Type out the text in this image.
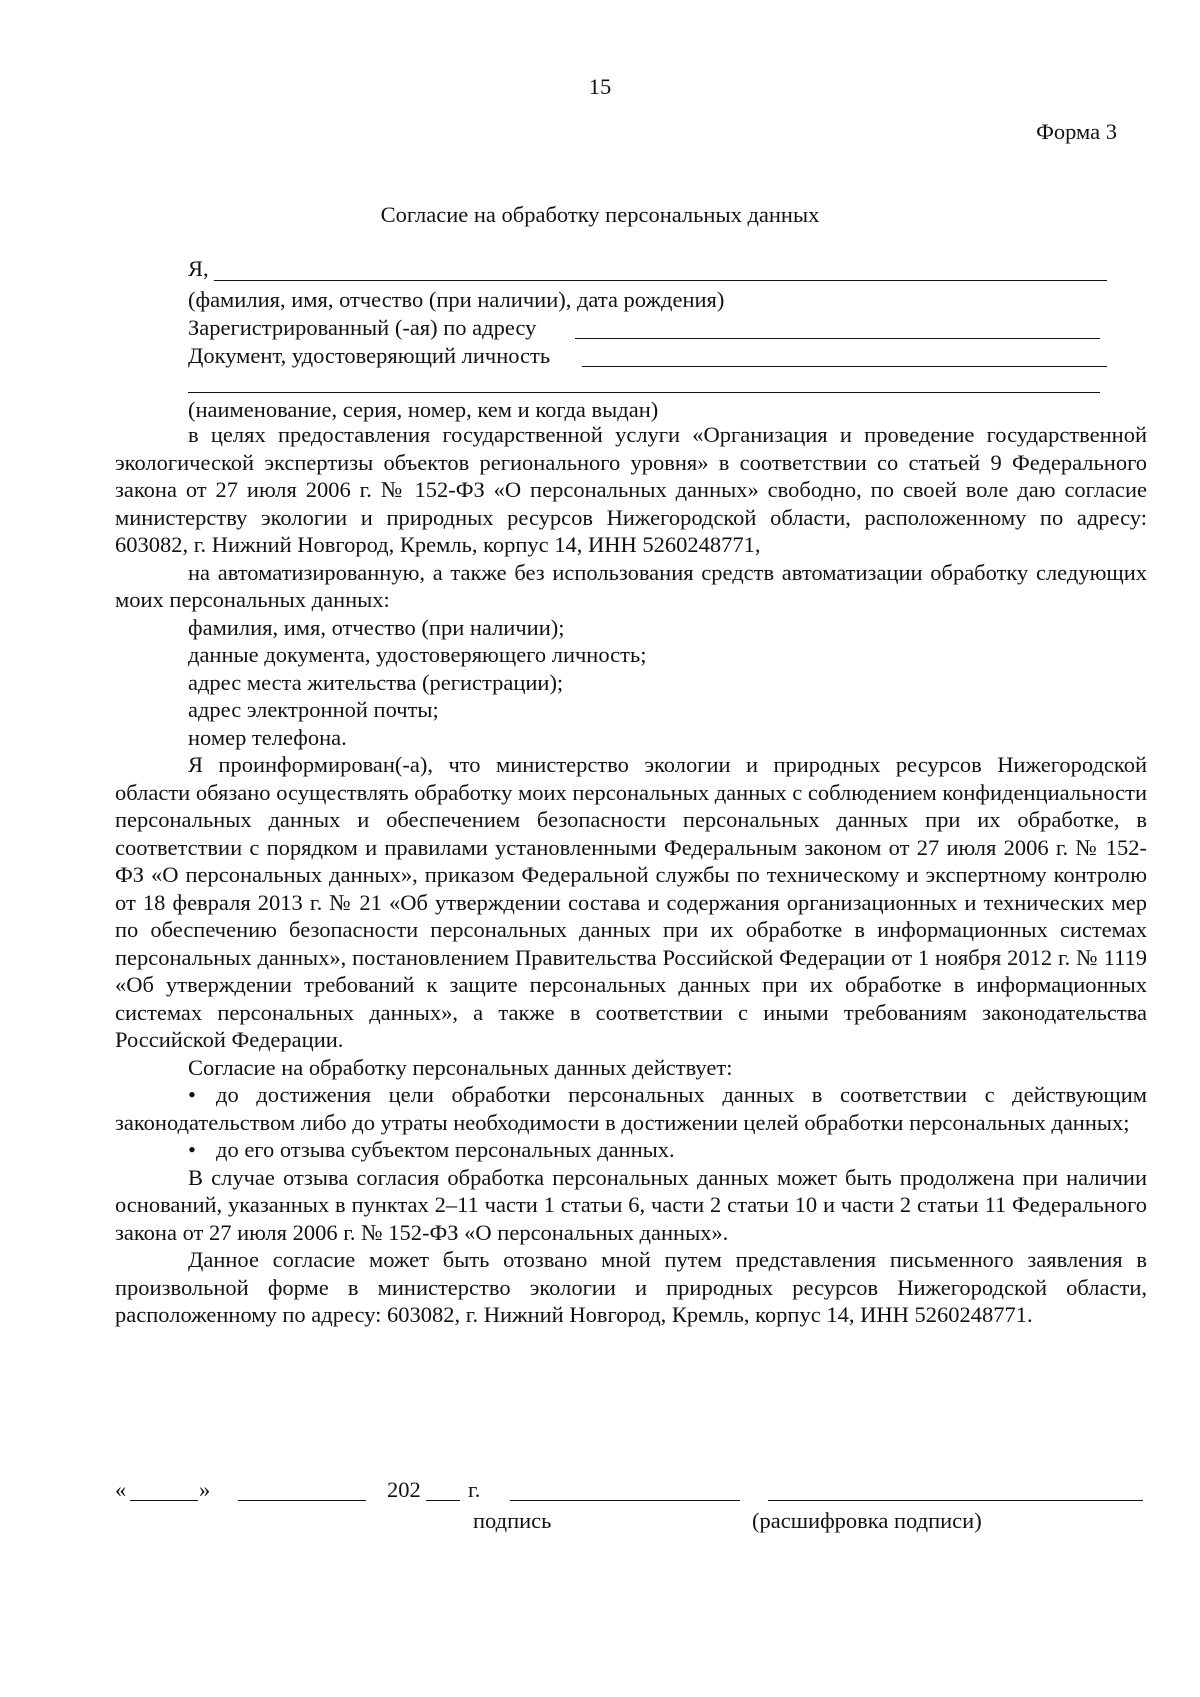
15
Форма 3
Согласие на обработку персональных данных
Я,
(фамилия, имя, отчество (при наличии), дата рождения)
Зарегистрированный (-ая) по адресу
Документ, удостоверяющий личность
(наименование, серия, номер, кем и когда выдан)

в целях предоставления государственной услуги «Организация и проведение государственной экологической экспертизы объектов регионального уровня» в соответствии со статьей 9 Федерального закона от 27 июля 2006 г. № 152-ФЗ «О персональных данных» свободно, по своей воле даю согласие министерству экологии и природных ресурсов Нижегородской области, расположенному по адресу: 603082, г. Нижний Новгород, Кремль, корпус 14, ИНН 5260248771,

на автоматизированную, а также без использования средств автоматизации обработку следующих моих персональных данных:

фамилия, имя, отчество (при наличии);

данные документа, удостоверяющего личность;

адрес места жительства (регистрации);

адрес электронной почты;

номер телефона.

Я проинформирован(-а), что министерство экологии и природных ресурсов Нижегородской области обязано осуществлять обработку моих персональных данных с соблюдением конфиденциальности персональных данных и обеспечением безопасности персональных данных при их обработке, в соответствии с порядком и правилами установленными Федеральным законом от 27 июля 2006 г. № 152-ФЗ «О персональных данных», приказом Федеральной службы по техническому и экспертному контролю от 18 февраля 2013 г. № 21 «Об утверждении состава и содержания организационных и технических мер по обеспечению безопасности персональных данных при их обработке в информационных системах персональных данных», постановлением Правительства Российской Федерации от 1 ноября 2012 г. № 1119 «Об утверждении требований к защите персональных данных при их обработке в информационных системах персональных данных», а также в соответствии с иными требованиям законодательства Российской Федерации.

Согласие на обработку персональных данных действует:

• до достижения цели обработки персональных данных в соответствии с действующим законодательством либо до утраты необходимости в достижении целей обработки персональных данных;

• до его отзыва субъектом персональных данных.

В случае отзыва согласия обработка персональных данных может быть продолжена при наличии оснований, указанных в пунктах 2–11 части 1 статьи 6, части 2 статьи 10 и части 2 статьи 11 Федерального закона от 27 июля 2006 г. № 152-ФЗ «О персональных данных».

Данное согласие может быть отозвано мной путем представления письменного заявления в произвольной форме в министерство экологии и природных ресурсов Нижегородской области, расположенному по адресу: 603082, г. Нижний Новгород, Кремль, корпус 14, ИНН 5260248771.

«	»	202 г.
подпись	(расшифровка подписи)
